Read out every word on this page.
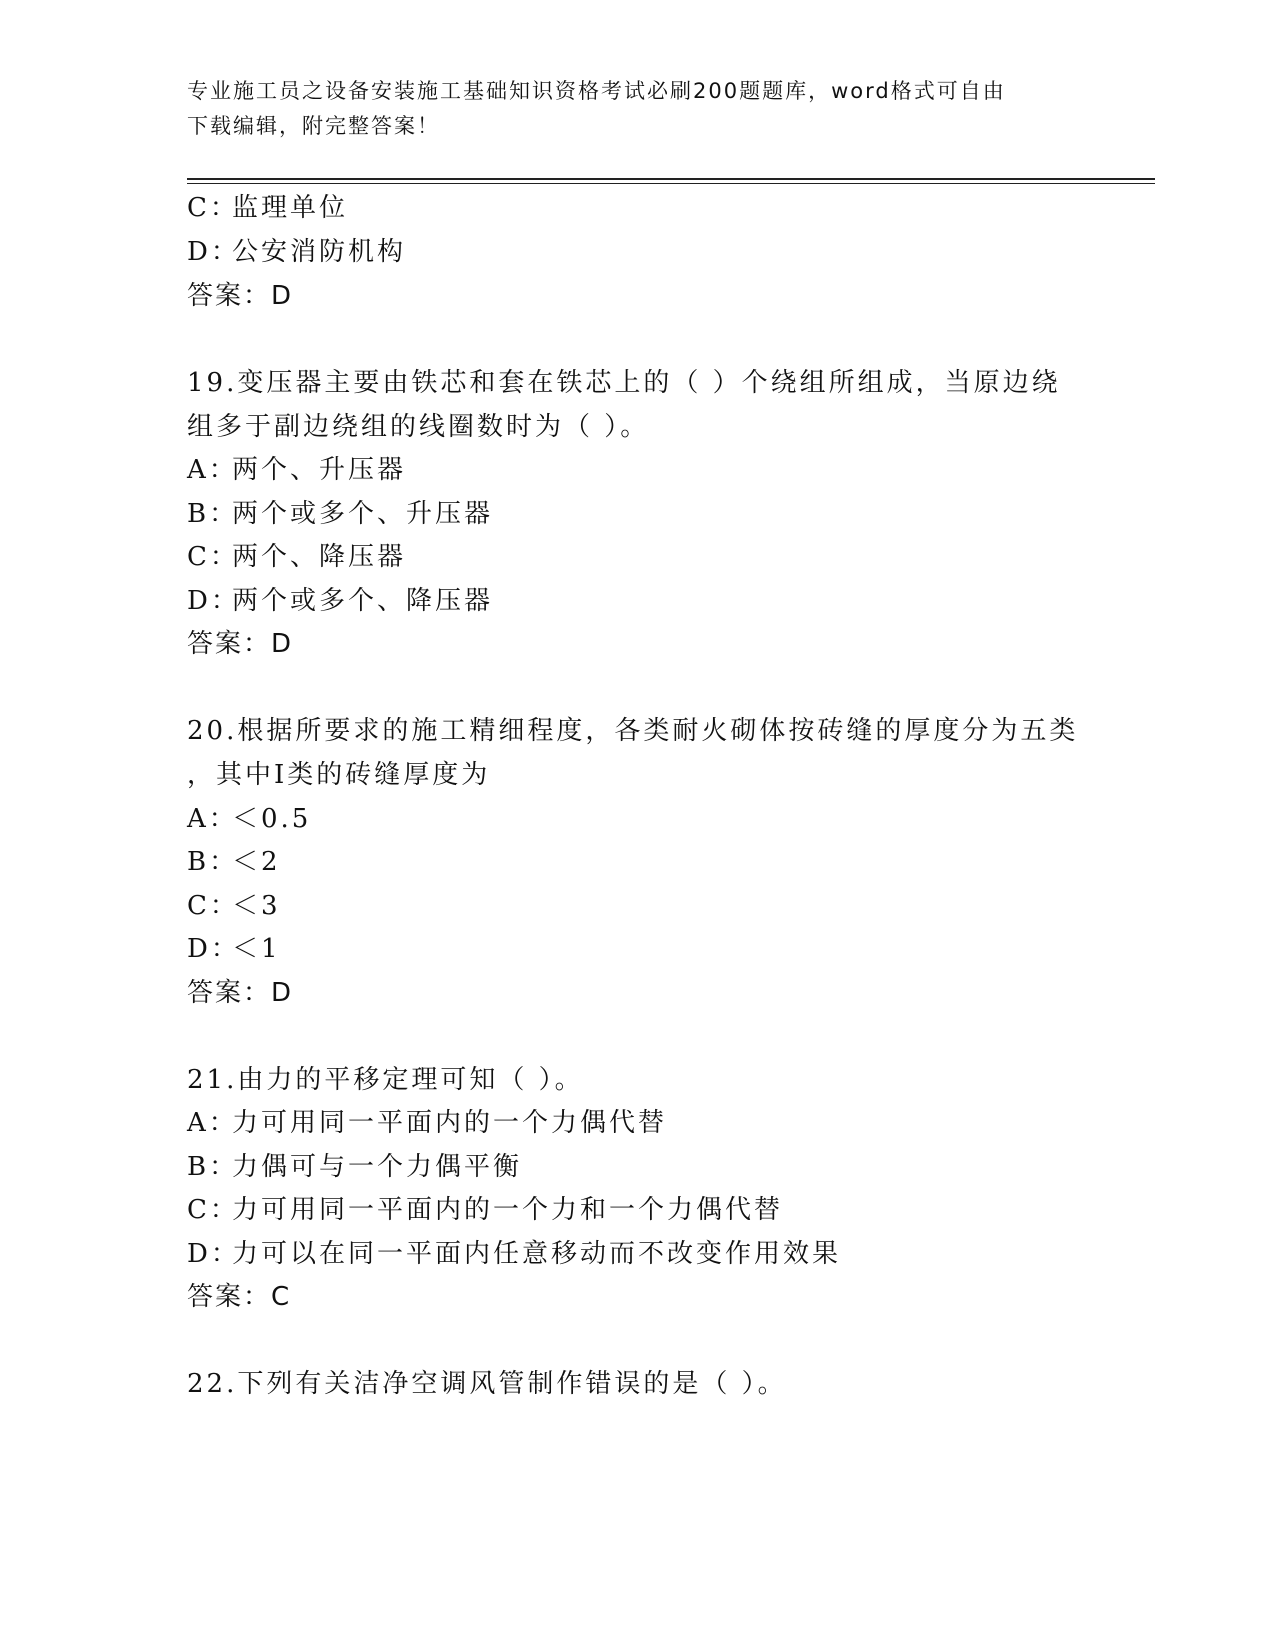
专业施工员之设备安装施工基础知识资格考试必刷200题题库，word格式可自由
下载编辑，附完整答案！
C：监理单位
D：公安消防机构
答案：D
19.变压器主要由铁芯和套在铁芯上的（ ）个绕组所组成，当原边绕
组多于副边绕组的线圈数时为（ ）。
A：两个、升压器
B：两个或多个、升压器
C：两个、降压器
D：两个或多个、降压器
答案：D
20.根据所要求的施工精细程度，各类耐火砌体按砖缝的厚度分为五类
，其中Ⅰ类的砖缝厚度为
A：＜0.5
B：＜2
C：＜3
D：＜1
答案：D
21.由力的平移定理可知（ ）。
A：力可用同一平面内的一个力偶代替
B：力偶可与一个力偶平衡
C：力可用同一平面内的一个力和一个力偶代替
D：力可以在同一平面内任意移动而不改变作用效果
答案：C
22.下列有关洁净空调风管制作错误的是（ ）。
